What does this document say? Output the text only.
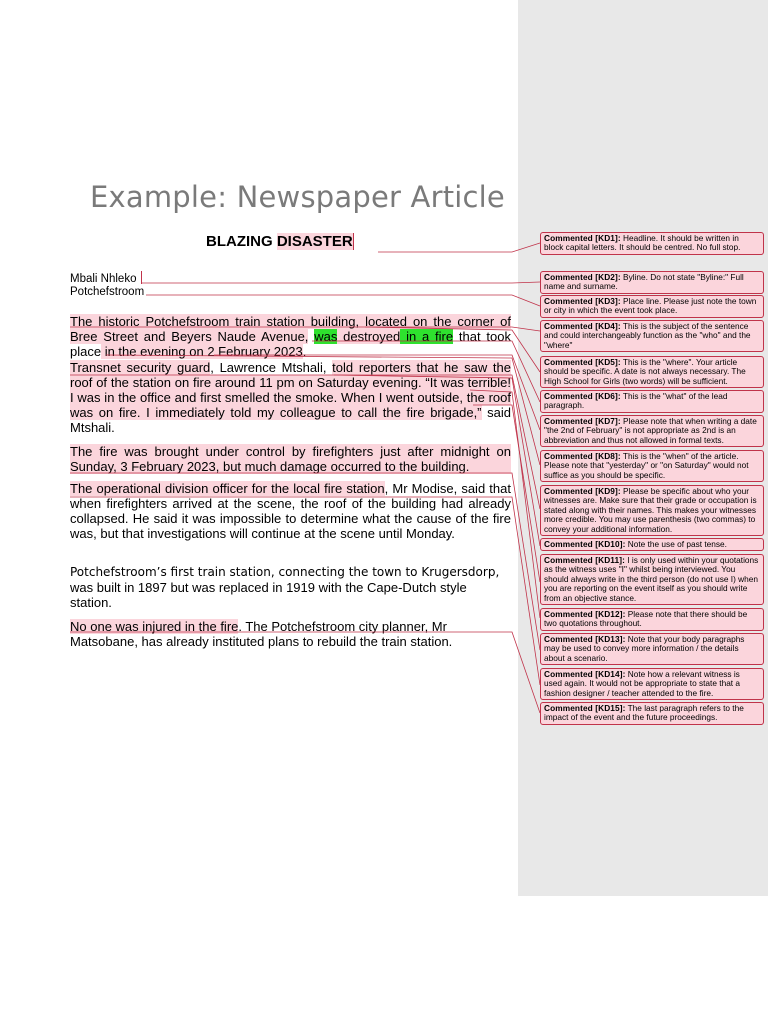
Example: Newspaper Article
BLAZING DISASTER
Mbali Nhleko
Potchefstroom
The historic Potchefstroom train station building, located on the corner of Bree Street and Beyers Naude Avenue, was destroyed in a fire that took place in the evening on 2 February 2023.
Transnet security guard, Lawrence Mtshali, told reporters that he saw the roof of the station on fire around 11 pm on Saturday evening. “It was terrible! I was in the office and first smelled the smoke. When I went outside, the roof was on fire. I immediately told my colleague to call the fire brigade,” said Mtshali.
The fire was brought under control by firefighters just after midnight on Sunday, 3 February 2023, but much damage occurred to the building.
The operational division officer for the local fire station, Mr Modise, said that when firefighters arrived at the scene, the roof of the building had already collapsed. He said it was impossible to determine what the cause of the fire was, but that investigations will continue at the scene until Monday.
Potchefstroom’s first train station, connecting the town to Krugersdorp, was built in 1897 but was replaced in 1919 with the Cape-Dutch style station.
No one was injured in the fire. The Potchefstroom city planner, Mr Matsobane, has already instituted plans to rebuild the train station.
Commented [KD1]: Headline. It should be written in block capital letters. It should be centred. No full stop.
Commented [KD2]: Byline. Do not state "Byline:" Full name and surname.
Commented [KD3]: Place line. Please just note the town or city in which the event took place.
Commented [KD4]: This is the subject of the sentence and could interchangeably function as the "who" and the "where"
Commented [KD5]: This is the "where". Your article should be specific. A date is not always necessary. The High School for Girls (two words) will be sufficient.
Commented [KD6]: This is the "what" of the lead paragraph.
Commented [KD7]: Please note that when writing a date "the 2nd of February" is not appropriate as 2nd is an abbreviation and thus not allowed in formal texts.
Commented [KD8]: This is the "when" of the article. Please note that "yesterday" or "on Saturday" would not suffice as you should be specific.
Commented [KD9]: Please be specific about who your witnesses are. Make sure that their grade or occupation is stated along with their names. This makes your witnesses more credible. You may use parenthesis (two commas) to convey your additional information.
Commented [KD10]: Note the use of past tense.
Commented [KD11]: I is only used within your quotations as the witness uses "I" whilst being interviewed. You should always write in the third person (do not use I) when you are reporting on the event itself as you should write from an objective stance.
Commented [KD12]: Please note that there should be two quotations throughout.
Commented [KD13]: Note that your body paragraphs may be used to convey more information / the details about a scenario.
Commented [KD14]: Note how a relevant witness is used again. It would not be appropriate to state that a fashion designer / teacher attended to the fire.
Commented [KD15]: The last paragraph refers to the impact of the event and the future proceedings.
